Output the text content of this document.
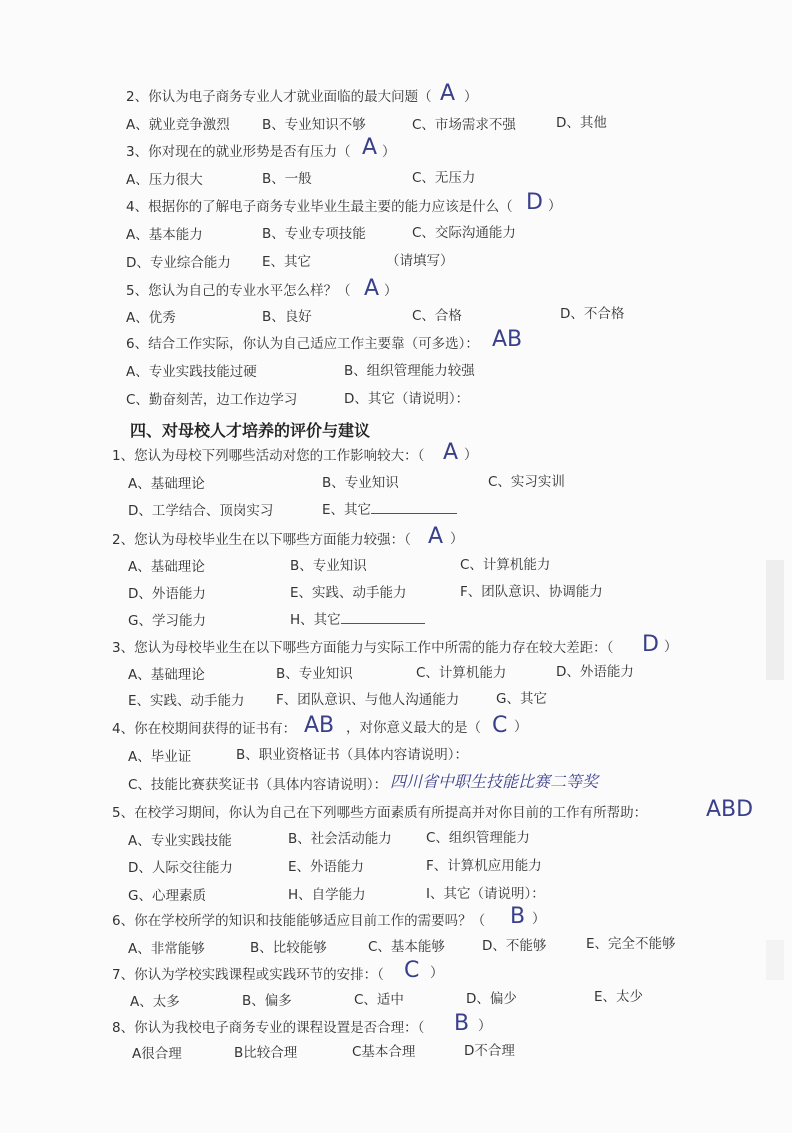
2、你认为电子商务专业人才就业面临的最大问题（ A ）
A、就业竞争激烈 B、专业知识不够	C、市场需求不强	D、其他
3、你对现在的就业形势是否有压力（ A ）
A、压力很大	B、一般	C、无压力
4、根据你的了解电子商务专业毕业生最主要的能力应该是什么（ D ）
A、基本能力	B、专业专项技能	C、交际沟通能力
D、专业综合能力 E、其它	（请填写）
5、您认为自己的专业水平怎么样？（ A ）
A、优秀	B、良好	C、合格	D、不合格
6、结合工作实际，你认为自己适应工作主要靠（可多选）： AB
A、专业实践技能过硬	B、组织管理能力较强
C、勤奋刻苦，边工作边学习	D、其它（请说明）：
四、对母校人才培养的评价与建议
1、您认为母校下列哪些活动对您的工作影响较大：（ A ）
A、基础理论	B、专业知识	C、实习实训
D、工学结合、顶岗实习	E、其它
2、您认为母校毕业生在以下哪些方面能力较强：（ A ）
A、基础理论	B、专业知识	C、计算机能力
D、外语能力	E、实践、动手能力	F、团队意识、协调能力
G、学习能力	H、其它
3、您认为母校毕业生在以下哪些方面能力与实际工作中所需的能力存在较大差距：（ D ）
A、基础理论	B、专业知识	C、计算机能力	D、外语能力
E、实践、动手能力 F、团队意识、与他人沟通能力	G、其它
4、你在校期间获得的证书有： AB ，对你意义最大的是（ C ）
A、毕业证	B、职业资格证书（具体内容请说明）：
C、技能比赛获奖证书（具体内容请说明）： 四川省中职生技能比赛二等奖
5、在校学习期间，你认为自己在下列哪些方面素质有所提高并对你目前的工作有所帮助：	ABD
A、专业实践技能	B、社会活动能力	C、组织管理能力
D、人际交往能力	E、外语能力	F、计算机应用能力
G、心理素质	H、自学能力	I、其它（请说明）：
6、你在学校所学的知识和技能能够适应目前工作的需要吗？（ B ）
A、非常能够	B、比较能够	C、基本能够	D、不能够	E、完全不能够
7、你认为学校实践课程或实践环节的安排：（ C ）
A、太多	B、偏多	C、适中	D、偏少	E、太少
8、你认为我校电子商务专业的课程设置是否合理：（ B ）
A很合理	B比较合理	C基本合理	D不合理
